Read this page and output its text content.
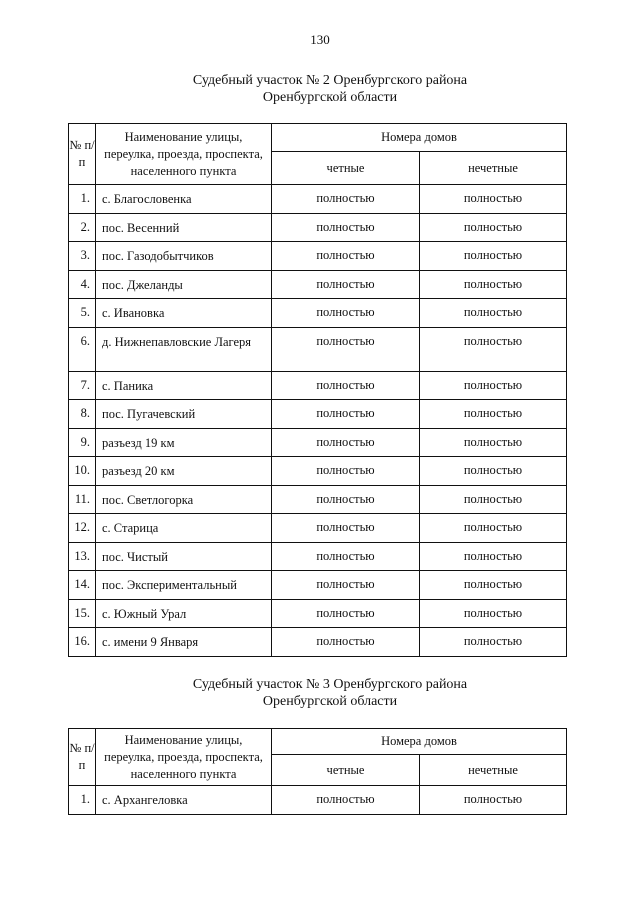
130
Судебный участок № 2 Оренбургского района
Оренбургской области
№ п/п	Наименование улицы, переулка, проезда, проспекта, населенного пункта	Номера домов	
		четные	нечетные
1.	с. Благословенка	полностью	полностью
2.	пос. Весенний	полностью	полностью
3.	пос. Газодобытчиков	полностью	полностью
4.	пос. Джеланды	полностью	полностью
5.	с. Ивановка	полностью	полностью
6.	д. Нижнепавловские Лагеря	полностью	полностью
7.	с. Паника	полностью	полностью
8.	пос. Пугачевский	полностью	полностью
9.	разъезд 19 км	полностью	полностью
10.	разъезд 20 км	полностью	полностью
11.	пос. Светлогорка	полностью	полностью
12.	с. Старица	полностью	полностью
13.	пос. Чистый	полностью	полностью
14.	пос. Экспериментальный	полностью	полностью
15.	с. Южный Урал	полностью	полностью
16.	с. имени 9 Января	полностью	полностью
Судебный участок № 3 Оренбургского района
Оренбургской области
№ п/п	Наименование улицы, переулка, проезда, проспекта, населенного пункта	Номера домов	
		четные	нечетные
1.	с. Архангеловка	полностью	полностью
